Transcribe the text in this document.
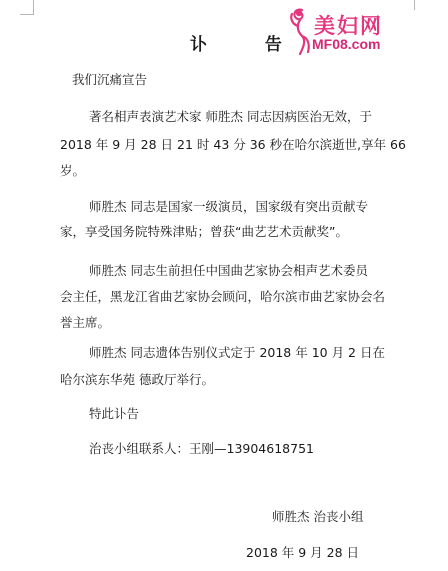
讣 告
美妇网
MF08.com
我们沉痛宣告
著名相声表演艺术家 师胜杰 同志因病医治无效，于
2018 年 9 月 28 日 21 时 43 分 36 秒在哈尔滨逝世,享年 66
岁。
师胜杰 同志是国家一级演员，国家级有突出贡献专
家，享受国务院特殊津贴；曾获“曲艺艺术贡献奖”。
师胜杰 同志生前担任中国曲艺家协会相声艺术委员
会主任，黑龙江省曲艺家协会顾问，哈尔滨市曲艺家协会名
誉主席。
师胜杰 同志遗体告别仪式定于 2018 年 10 月 2 日在
哈尔滨东华苑 德政厅举行。
特此讣告
治丧小组联系人：王刚—13904618751
师胜杰 治丧小组
2018 年 9 月 28 日
